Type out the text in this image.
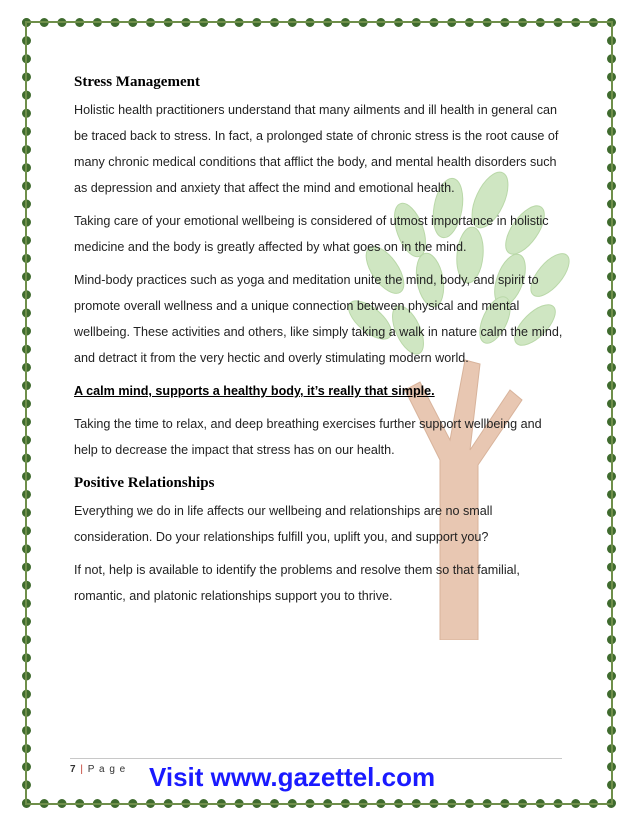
Stress Management

Holistic health practitioners understand that many ailments and ill health in general can be traced back to stress. In fact, a prolonged state of chronic stress is the root cause of many chronic medical conditions that afflict the body, and mental health disorders such as depression and anxiety that affect the mind and emotional health.

Taking care of your emotional wellbeing is considered of utmost importance in holistic medicine and the body is greatly affected by what goes on in the mind.

Mind-body practices such as yoga and meditation unite the mind, body, and spirit to promote overall wellness and a unique connection between physical and mental wellbeing. These activities and others, like simply taking a walk in nature calm the mind, and detract it from the very hectic and overly stimulating modern world.

A calm mind, supports a healthy body, it’s really that simple.

Taking the time to relax, and deep breathing exercises further support wellbeing and help to decrease the impact that stress has on our health.

Positive Relationships

Everything we do in life affects our wellbeing and relationships are no small consideration. Do your relationships fulfill you, uplift you, and support you?

If not, help is available to identify the problems and resolve them so that familial, romantic, and platonic relationships support you to thrive.

7 | P a g e Visit www.gazettel.com
